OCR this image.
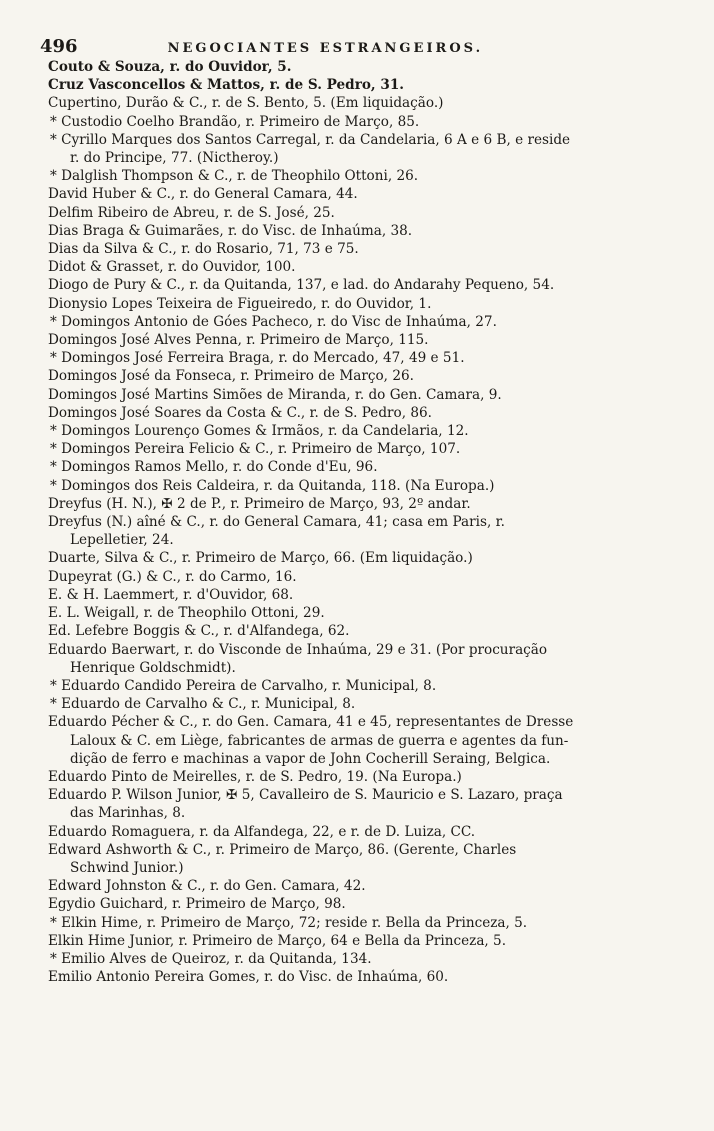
496	NEGOCIANTES ESTRANGEIROS.
Couto & Souza, r. do Ouvidor, 5.
Cruz Vasconcellos & Mattos, r. de S. Pedro, 31.
Cupertino, Durão & C., r. de S. Bento, 5. (Em liquidação.)
* Custodio Coelho Brandão, r. Primeiro de Março, 85.
* Cyrillo Marques dos Santos Carregal, r. da Candelaria, 6 A e 6 B, e reside
r. do Principe, 77. (Nictheroy.)
* Dalglish Thompson & C., r. de Theophilo Ottoni, 26.
David Huber & C., r. do General Camara, 44.
Delfim Ribeiro de Abreu, r. de S. José, 25.
Dias Braga & Guimarães, r. do Visc. de Inhaúma, 38.
Dias da Silva & C., r. do Rosario, 71, 73 e 75.
Didot & Grasset, r. do Ouvidor, 100.
Diogo de Pury & C., r. da Quitanda, 137, e lad. do Andarahy Pequeno, 54.
Dionysio Lopes Teixeira de Figueiredo, r. do Ouvidor, 1.
* Domingos Antonio de Góes Pacheco, r. do Visc de Inhaúma, 27.
Domingos José Alves Penna, r. Primeiro de Março, 115.
* Domingos José Ferreira Braga, r. do Mercado, 47, 49 e 51.
Domingos José da Fonseca, r. Primeiro de Março, 26.
Domingos José Martins Simões de Miranda, r. do Gen. Camara, 9.
Domingos José Soares da Costa & C., r. de S. Pedro, 86.
* Domingos Lourenço Gomes & Irmãos, r. da Candelaria, 12.
* Domingos Pereira Felicio & C., r. Primeiro de Março, 107.
* Domingos Ramos Mello, r. do Conde d'Eu, 96.
* Domingos dos Reis Caldeira, r. da Quitanda, 118. (Na Europa.)
Dreyfus (H. N.), ✠ 2 de P., r. Primeiro de Março, 93, 2º andar.
Dreyfus (N.) aîné & C., r. do General Camara, 41; casa em Paris, r.
Lepelletier, 24.
Duarte, Silva & C., r. Primeiro de Março, 66. (Em liquidação.)
Dupeyrat (G.) & C., r. do Carmo, 16.
E. & H. Laemmert, r. d'Ouvidor, 68.
E. L. Weigall, r. de Theophilo Ottoni, 29.
Ed. Lefebre Boggis & C., r. d'Alfandega, 62.
Eduardo Baerwart, r. do Visconde de Inhaúma, 29 e 31. (Por procuração
Henrique Goldschmidt).
* Eduardo Candido Pereira de Carvalho, r. Municipal, 8.
* Eduardo de Carvalho & C., r. Municipal, 8.
Eduardo Pécher & C., r. do Gen. Camara, 41 e 45, representantes de Dresse
Laloux & C. em Liège, fabricantes de armas de guerra e agentes da fun-
dição de ferro e machinas a vapor de John Cocherill Seraing, Belgica.
Eduardo Pinto de Meirelles, r. de S. Pedro, 19. (Na Europa.)
Eduardo P. Wilson Junior, ✠ 5, Cavalleiro de S. Mauricio e S. Lazaro, praça
das Marinhas, 8.
Eduardo Romaguera, r. da Alfandega, 22, e r. de D. Luiza, CC.
Edward Ashworth & C., r. Primeiro de Março, 86. (Gerente, Charles
Schwind Junior.)
Edward Johnston & C., r. do Gen. Camara, 42.
Egydio Guichard, r. Primeiro de Março, 98.
* Elkin Hime, r. Primeiro de Março, 72; reside r. Bella da Princeza, 5.
Elkin Hime Junior, r. Primeiro de Março, 64 e Bella da Princeza, 5.
* Emilio Alves de Queiroz, r. da Quitanda, 134.
Emilio Antonio Pereira Gomes, r. do Visc. de Inhaúma, 60.
